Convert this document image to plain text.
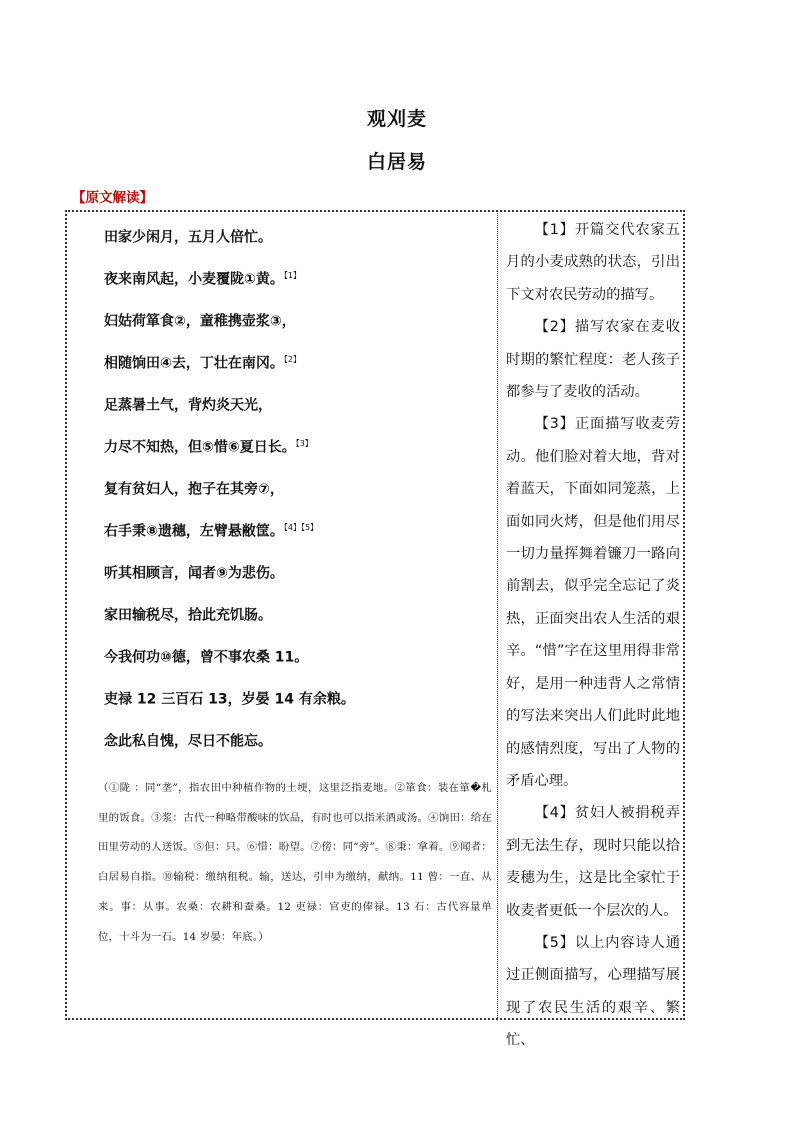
观刈麦
白居易
【原文解读】
田家少闲月，五月人倍忙。
夜来南风起，小麦覆陇①黄。$^{【1】}$
妇姑荷箪食②，童稚携壶浆③，
相随饷田④去，丁壮在南冈。$^{【2】}$
足蒸暑土气，背灼炎天光，
力尽不知热，但⑤惜⑥夏日长。$^{【3】}$
复有贫妇人，抱子在其旁⑦，
右手秉⑧遗穗，左臂悬敝筐。$^{【4】【5】}$
听其相顾言，闻者⑨为悲伤。
家田输税尽，拾此充饥肠。
今我何功⑩德，曾不事农桑 11。
吏禄 12 三百石 13，岁晏 14 有余粮。
念此私自愧，尽日不能忘。
（①陇 ：同“垄”，指农田中种植作物的土埂，这里泛指麦地。②箪食：装在箪�札里的饭食。③浆：古代一种略带酸味的饮品，有时也可以指米酒或汤。④饷田：给在田里劳动的人送饭。⑤但：只。⑥惜：盼望。⑦傍：同“旁”。⑧秉：拿着。⑨闻者：白居易自指。⑩输税：缴纳租税。输，送达，引申为缴纳，献纳。11 曾：一直、从来。事：从事。农桑：农耕和蚕桑。12 吏禄：官吏的俸禄。13 石：古代容量单位，十斗为一石。14 岁晏：年底。）

【1】开篇交代农家五月的小麦成熟的状态，引出下文对农民劳动的描写。

【2】描写农家在麦收时期的繁忙程度：老人孩子都参与了麦收的活动。

【3】正面描写收麦劳动。他们脸对着大地，背对着蓝天，下面如同笼蒸，上面如同火烤，但是他们用尽一切力量挥舞着镰刀一路向前割去，似乎完全忘记了炎热，正面突出农人生活的艰辛。“惜”字在这里用得非常好，是用一种违背人之常情的写法来突出人们此时此地的感情烈度，写出了人物的矛盾心理。

【4】贫妇人被捐税弄到无法生存，现时只能以拾麦穗为生，这是比全家忙于收麦者更低一个层次的人。

【5】以上内容诗人通过正侧面描写，心理描写展现了农民生活的艰辛、繁忙、
